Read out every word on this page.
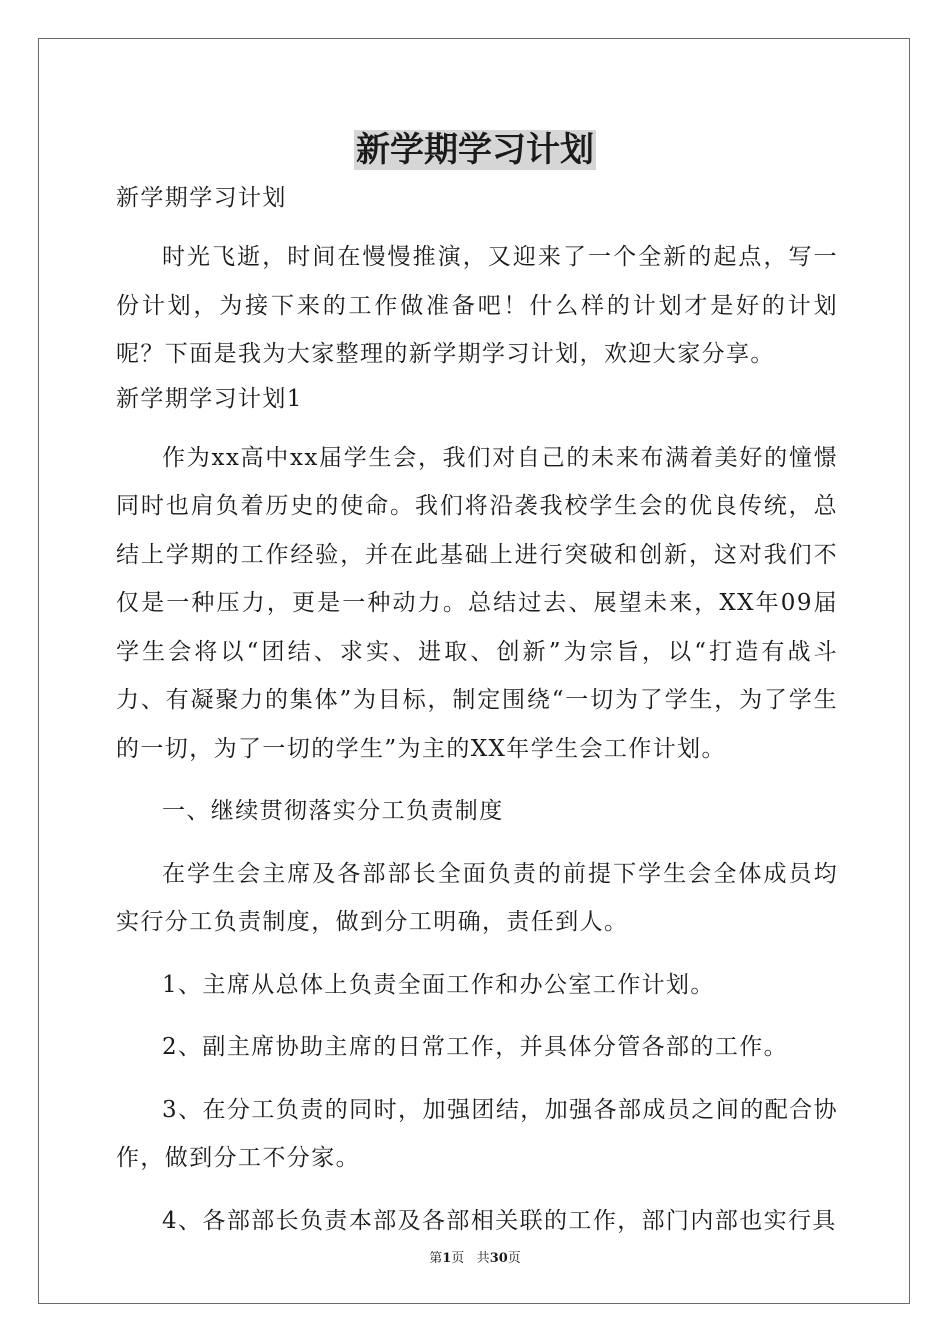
新学期学习计划
新学期学习计划

时光飞逝，时间在慢慢推演，又迎来了一个全新的起点，写一份计划，为接下来的工作做准备吧！什么样的计划才是好的计划呢？下面是我为大家整理的新学期学习计划，欢迎大家分享。

新学期学习计划1

作为xx高中xx届学生会，我们对自己的未来布满着美好的憧憬同时也肩负着历史的使命。我们将沿袭我校学生会的优良传统，总结上学期的工作经验，并在此基础上进行突破和创新，这对我们不仅是一种压力，更是一种动力。总结过去、展望未来，XX年09届学生会将以“团结、求实、进取、创新”为宗旨，以“打造有战斗力、有凝聚力的集体”为目标，制定围绕“一切为了学生，为了学生的一切，为了一切的学生”为主的XX年学生会工作计划。

一、继续贯彻落实分工负责制度

在学生会主席及各部部长全面负责的前提下学生会全体成员均实行分工负责制度，做到分工明确，责任到人。

1、主席从总体上负责全面工作和办公室工作计划。

2、副主席协助主席的日常工作，并具体分管各部的工作。

3、在分工负责的同时，加强团结，加强各部成员之间的配合协作，做到分工不分家。

4、各部部长负责本部及各部相关联的工作，部门内部也实行具

第1页 共30页
